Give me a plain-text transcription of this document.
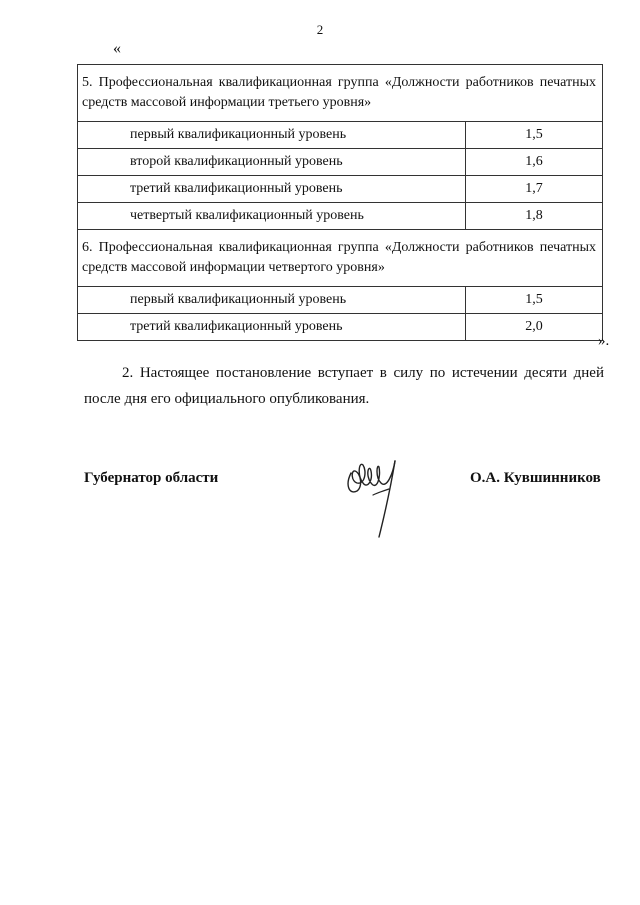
2
«
5. Профессиональная квалификационная группа «Должности работников печатных средств массовой информации третьего уровня»	
первый квалификационный уровень	1,5
второй квалификационный уровень	1,6
третий квалификационный уровень	1,7
четвертый квалификационный уровень	1,8
6. Профессиональная квалификационная группа «Должности работников печатных средств массовой информации четвертого уровня»	
первый квалификационный уровень	1,5
третий квалификационный уровень	2,0
».
2. Настоящее постановление вступает в силу по истечении десяти дней после дня его официального опубликования.
Губернатор области	О.А. Кувшинников
